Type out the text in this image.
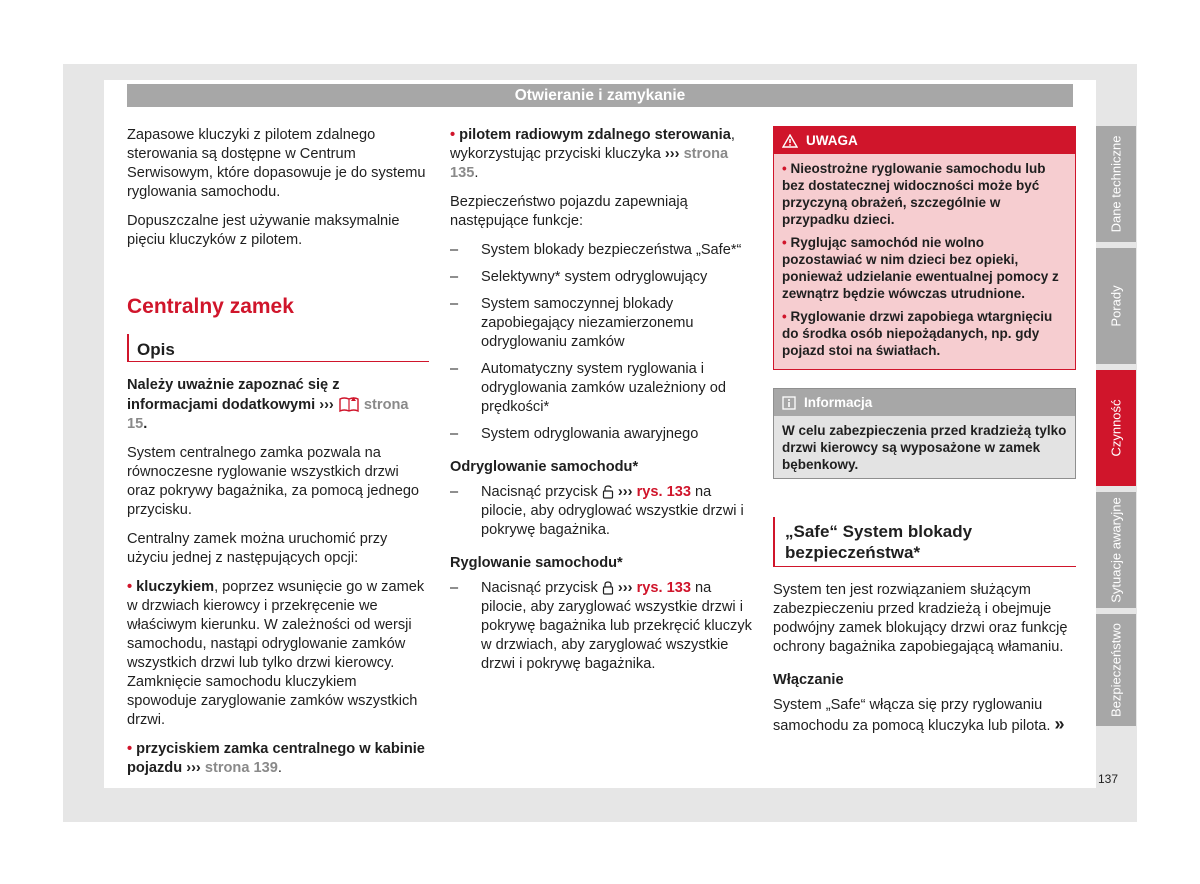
Otwieranie i zamykanie

Zapasowe kluczyki z pilotem zdalnego sterowania są dostępne w Centrum Serwisowym, które dopasowuje je do systemu ryglowania samochodu.

Dopuszczalne jest używanie maksymalnie pięciu kluczyków z pilotem.

Centralny zamek
Opis

Należy uważnie zapoznać się z informacjami dodatkowymi ››› strona 15.

System centralnego zamka pozwala na równoczesne ryglowanie wszystkich drzwi oraz pokrywy bagażnika, za pomocą jednego przycisku.

Centralny zamek można uruchomić przy użyciu jednej z następujących opcji:

• kluczykiem, poprzez wsunięcie go w zamek w drzwiach kierowcy i przekręcenie we właściwym kierunku. W zależności od wersji samochodu, nastąpi odryglowanie zamków wszystkich drzwi lub tylko drzwi kierowcy. Zamknięcie samochodu kluczykiem spowoduje zaryglowanie zamków wszystkich drzwi.

• przyciskiem zamka centralnego w kabinie pojazdu ››› strona 139.

• pilotem radiowym zdalnego sterowania, wykorzystując przyciski kluczyka ››› strona 135.

Bezpieczeństwo pojazdu zapewniają następujące funkcje:

– System blokady bezpieczeństwa „Safe*“
– Selektywny* system odryglowujący
– System samoczynnej blokady zapobiegający niezamierzonemu odryglowaniu zamków
– Automatyczny system ryglowania i odryglowania zamków uzależniony od prędkości*
– System odryglowania awaryjnego
Odryglowanie samochodu*
– Nacisnąć przycisk ››› rys. 133 na pilocie, aby odryglować wszystkie drzwi i pokrywę bagażnika.
Ryglowanie samochodu*
– Nacisnąć przycisk ››› rys. 133 na pilocie, aby zaryglować wszystkie drzwi i pokrywę bagażnika lub przekręcić kluczyk w drzwiach, aby zaryglować wszystkie drzwi i pokrywę bagażnika.
UWAGA

• Nieostrożne ryglowanie samochodu lub bez dostatecznej widoczności może być przyczyną obrażeń, szczególnie w przypadku dzieci.

• Ryglując samochód nie wolno pozostawiać w nim dzieci bez opieki, ponieważ udzielanie ewentualnej pomocy z zewnątrz będzie wówczas utrudnione.

• Ryglowanie drzwi zapobiega wtargnięciu do środka osób niepożądanych, np. gdy pojazd stoi na światłach.

Informacja
W celu zabezpieczenia przed kradzieżą tylko drzwi kierowcy są wyposażone w zamek bębenkowy.
„Safe“ System blokady bezpieczeństwa*

System ten jest rozwiązaniem służącym zabezpieczeniu przed kradzieżą i obejmuje podwójny zamek blokujący drzwi oraz funkcję ochrony bagażnika zapobiegającą włamaniu.

Włączanie

System „Safe“ włącza się przy ryglowaniu samochodu za pomocą kluczyka lub pilota. »

Dane techniczne
Porady
Czynność
Sytuacje awaryjne
Bezpieczeństwo
137
